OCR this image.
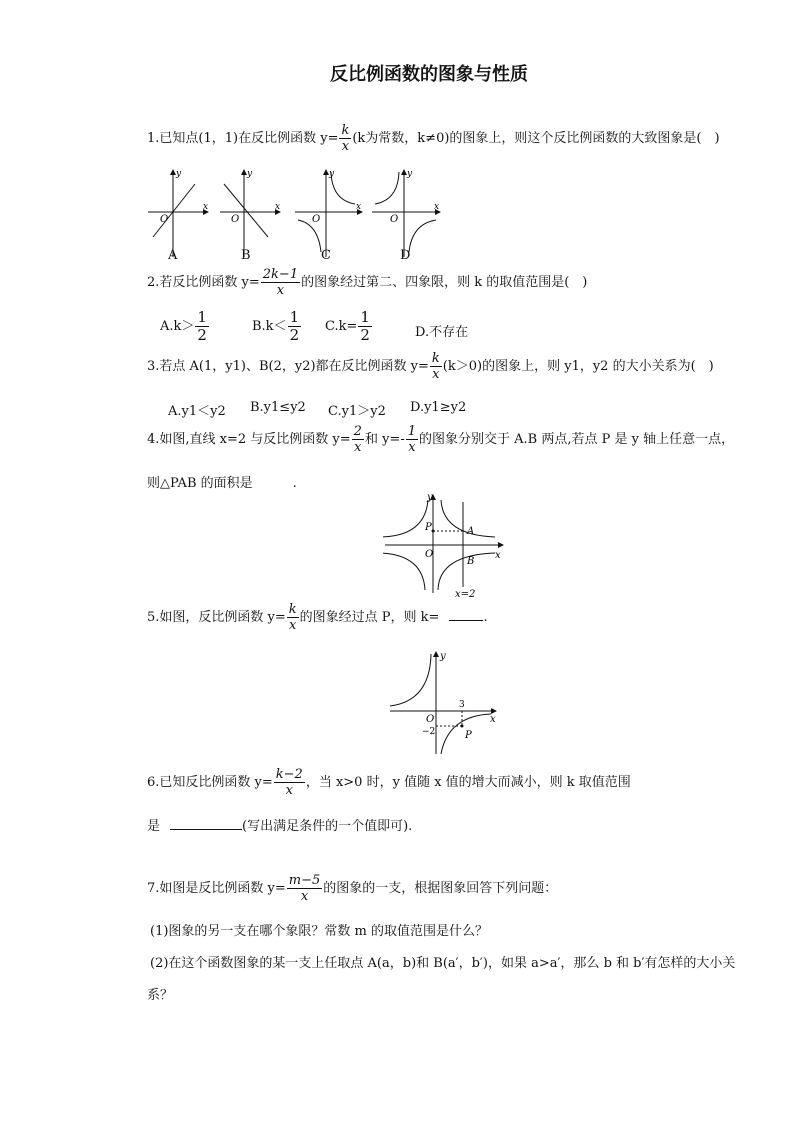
反比例函数的图象与性质
1.已知点(1，1)在反比例函数 $y= \frac{k}{x} (k$为常数，k≠0)的图象上，则这个反比例函数的大致图象是(　)
x
y
O
x
y
O
x
y
O
x
y
O
A	B	C	D
2.若反比例函数 $y= \frac{2k-1}{x}$ 的图象经过第二、四象限，则 k 的取值范围是(　)
$A.k> \frac{1}{2}$	$B.k< \frac{1}{2} C.k= \frac{1}{2}$	D.不存在
3.若点 A(1，y1)、B(2，y2)都在反比例函数 $y= \frac{k}{x} (k>0)$的图象上，则 y1，y2 的大小关系为(　)
A.y1＜y2 B.y1≤y2 C.y1＞y2 D.y1≥y2
4.如图,直线 x=2 与反比例函数 $y= \frac{2}{x}$ 和 $y=- \frac{1}{x}$ 的图象分别交于 A.B 两点,若点 P 是 y 轴上任意一点，
则△PAB 的面积是	.
x
y
O
P	A
B
x=2
5.如图，反比例函数 $y= \frac{k}{x}$ 的图象经过点 P，则 k=	.
x
y
O
3
−2	P
6.已知反比例函数 $y= \frac{k-2}{x}$ ，当 x>0 时，y 值随 x 值的增大而减小，则 k 取值范围
是	(写出满足条件的一个值即可).
7.如图是反比例函数 $y= \frac{m-5}{x}$ 的图象的一支，根据图象回答下列问题：
(1)图象的另一支在哪个象限？常数 m 的取值范围是什么？
(2)在这个函数图象的某一支上任取点 A(a，b)和 B(a′，b′)，如果 a>a′，那么 b 和 b′有怎样的大小关
系？
